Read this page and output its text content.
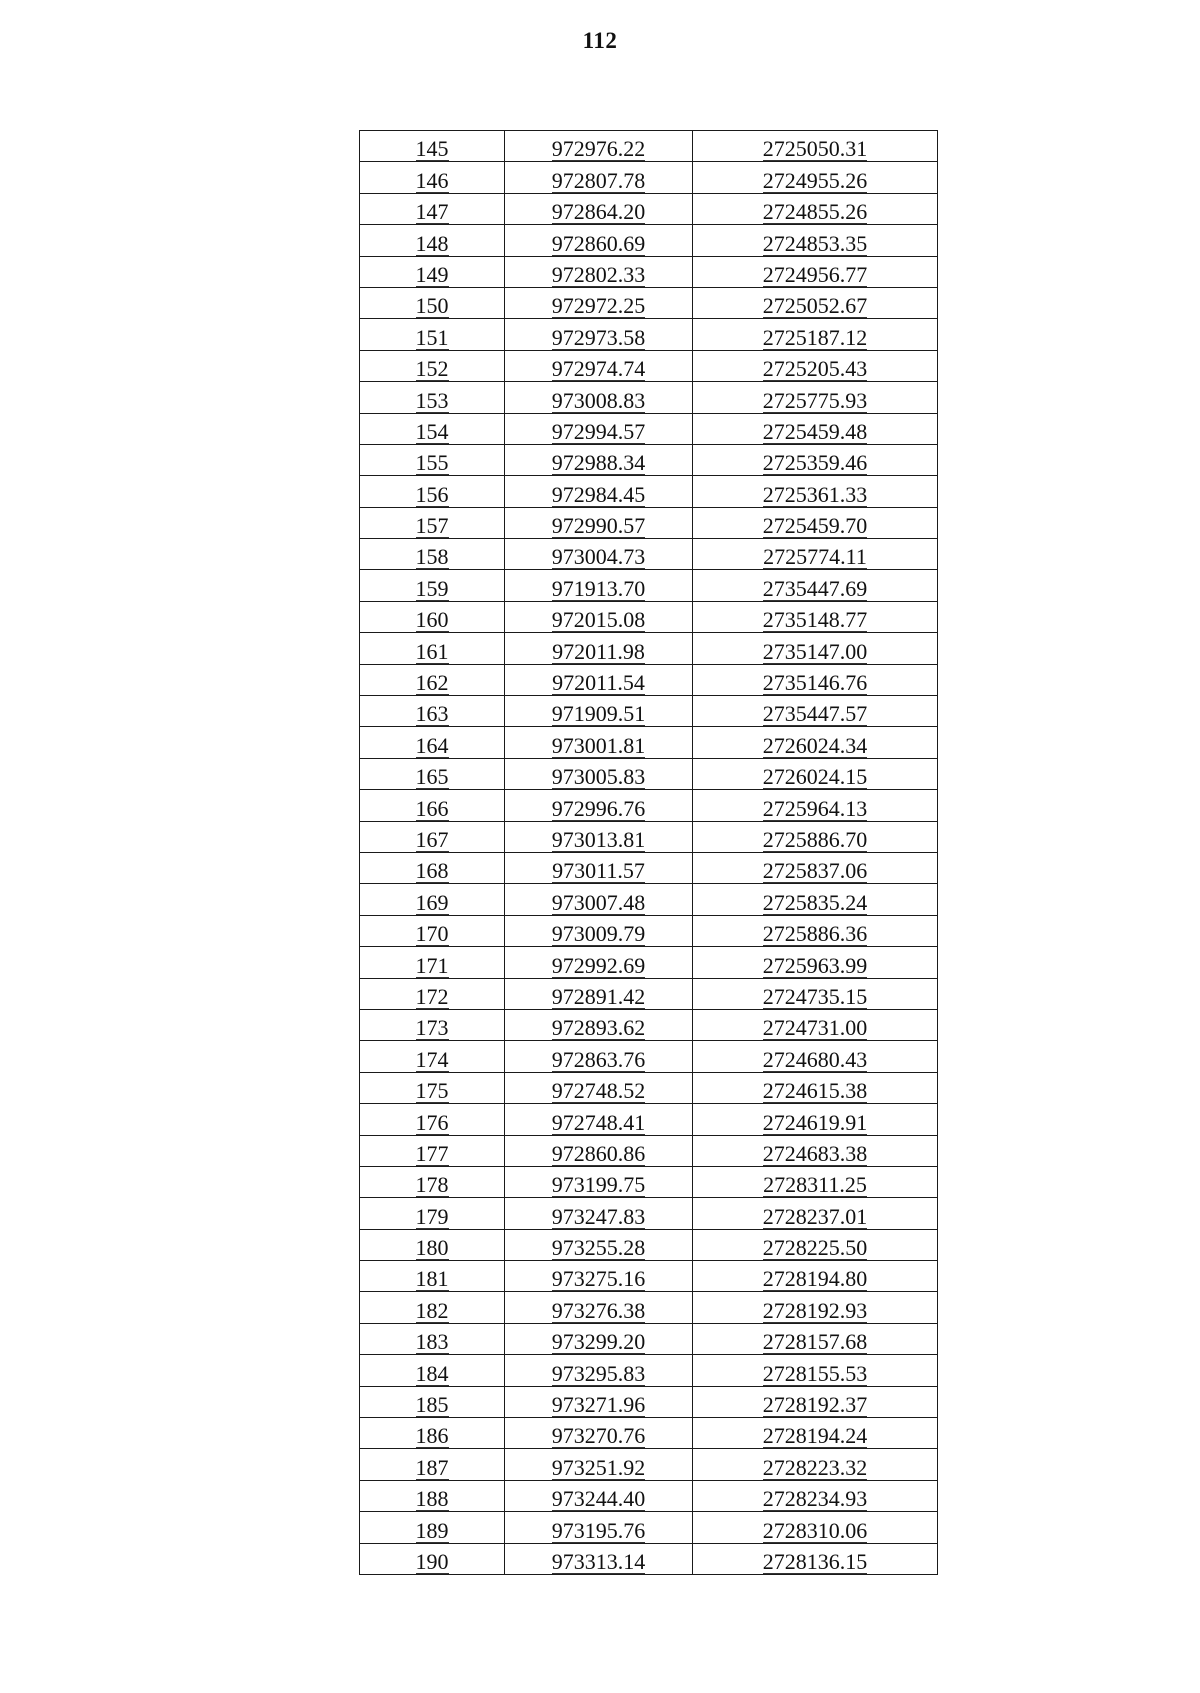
112
145	972976.22	2725050.31
146	972807.78	2724955.26
147	972864.20	2724855.26
148	972860.69	2724853.35
149	972802.33	2724956.77
150	972972.25	2725052.67
151	972973.58	2725187.12
152	972974.74	2725205.43
153	973008.83	2725775.93
154	972994.57	2725459.48
155	972988.34	2725359.46
156	972984.45	2725361.33
157	972990.57	2725459.70
158	973004.73	2725774.11
159	971913.70	2735447.69
160	972015.08	2735148.77
161	972011.98	2735147.00
162	972011.54	2735146.76
163	971909.51	2735447.57
164	973001.81	2726024.34
165	973005.83	2726024.15
166	972996.76	2725964.13
167	973013.81	2725886.70
168	973011.57	2725837.06
169	973007.48	2725835.24
170	973009.79	2725886.36
171	972992.69	2725963.99
172	972891.42	2724735.15
173	972893.62	2724731.00
174	972863.76	2724680.43
175	972748.52	2724615.38
176	972748.41	2724619.91
177	972860.86	2724683.38
178	973199.75	2728311.25
179	973247.83	2728237.01
180	973255.28	2728225.50
181	973275.16	2728194.80
182	973276.38	2728192.93
183	973299.20	2728157.68
184	973295.83	2728155.53
185	973271.96	2728192.37
186	973270.76	2728194.24
187	973251.92	2728223.32
188	973244.40	2728234.93
189	973195.76	2728310.06
190	973313.14	2728136.15
